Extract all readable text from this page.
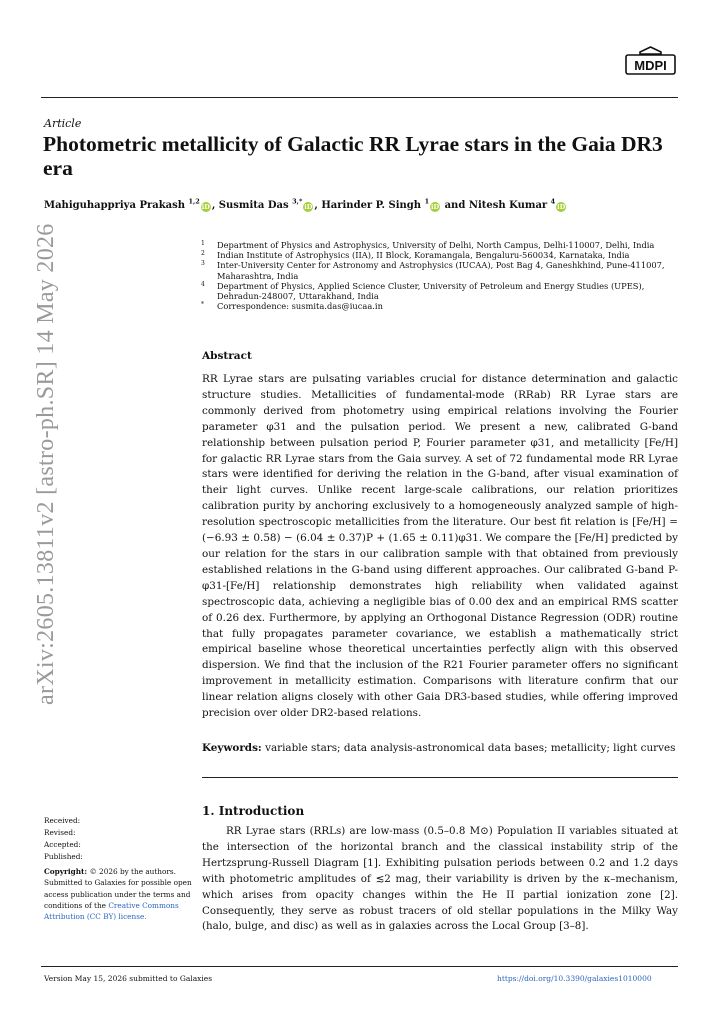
MDPI
Article
Photometric metallicity of Galactic RR Lyrae stars in the Gaia DR3 era
Mahiguhappriya Prakash $^{1,2}$iD , Susmita Das $^{3,*}$iD , Harinder P. Singh $^1$iD and Nitesh Kumar $^4$iD
1	Department of Physics and Astrophysics, University of Delhi, North Campus, Delhi-110007, Delhi, India
2	Indian Institute of Astrophysics (IIA), II Block, Koramangala, Bengaluru-560034, Karnataka, India
3	Inter-University Center for Astronomy and Astrophysics (IUCAA), Post Bag 4, Ganeshkhind, Pune-411007, Maharashtra, India
4	Department of Physics, Applied Science Cluster, University of Petroleum and Energy Studies (UPES), Dehradun-248007, Uttarakhand, India
*	Correspondence: susmita.das@iucaa.in
Abstract
RR Lyrae stars are pulsating variables crucial for distance determination and galactic structure studies. Metallicities of fundamental-mode (RRab) RR Lyrae stars are commonly derived from photometry using empirical relations involving the Fourier parameter φ31 and the pulsation period. We present a new, calibrated G-band relationship between pulsation period P, Fourier parameter φ31, and metallicity [Fe/H] for galactic RR Lyrae stars from the Gaia survey. A set of 72 fundamental mode RR Lyrae stars were identified for deriving the relation in the G-band, after visual examination of their light curves. Unlike recent large-scale calibrations, our relation prioritizes calibration purity by anchoring exclusively to a homogeneously analyzed sample of high-resolution spectroscopic metallicities from the literature. Our best fit relation is [Fe/H] = (−6.93 ± 0.58) − (6.04 ± 0.37)P + (1.65 ± 0.11)φ31. We compare the [Fe/H] predicted by our relation for the stars in our calibration sample with that obtained from previously established relations in the G-band using different approaches. Our calibrated G-band P-φ31-[Fe/H] relationship demonstrates high reliability when validated against spectroscopic data, achieving a negligible bias of 0.00 dex and an empirical RMS scatter of 0.26 dex. Furthermore, by applying an Orthogonal Distance Regression (ODR) routine that fully propagates parameter covariance, we establish a mathematically strict empirical baseline whose theoretical uncertainties perfectly align with this observed dispersion. We find that the inclusion of the R21 Fourier parameter offers no significant improvement in metallicity estimation. Comparisons with literature confirm that our linear relation aligns closely with other Gaia DR3-based studies, while offering improved precision over older DR2-based relations.
Keywords: variable stars; data analysis-astronomical data bases; metallicity; light curves
1. Introduction
RR Lyrae stars (RRLs) are low-mass (0.5–0.8 M⊙) Population II variables situated at the intersection of the horizontal branch and the classical instability strip of the Hertzsprung-Russell Diagram [1]. Exhibiting pulsation periods between 0.2 and 1.2 days with photometric amplitudes of ≲2 mag, their variability is driven by the κ–mechanism, which arises from opacity changes within the He II partial ionization zone [2]. Consequently, they serve as robust tracers of old stellar populations in the Milky Way (halo, bulge, and disc) as well as in galaxies across the Local Group [3–8].
arXiv:2605.13811v2 [astro-ph.SR] 14 May 2026
Received:
Revised:
Accepted:
Published:
Copyright: © 2026 by the authors. Submitted to Galaxies for possible open access publication under the terms and conditions of the Creative Commons Attribution (CC BY) license.
Version May 15, 2026 submitted to Galaxies	https://doi.org/10.3390/galaxies1010000
